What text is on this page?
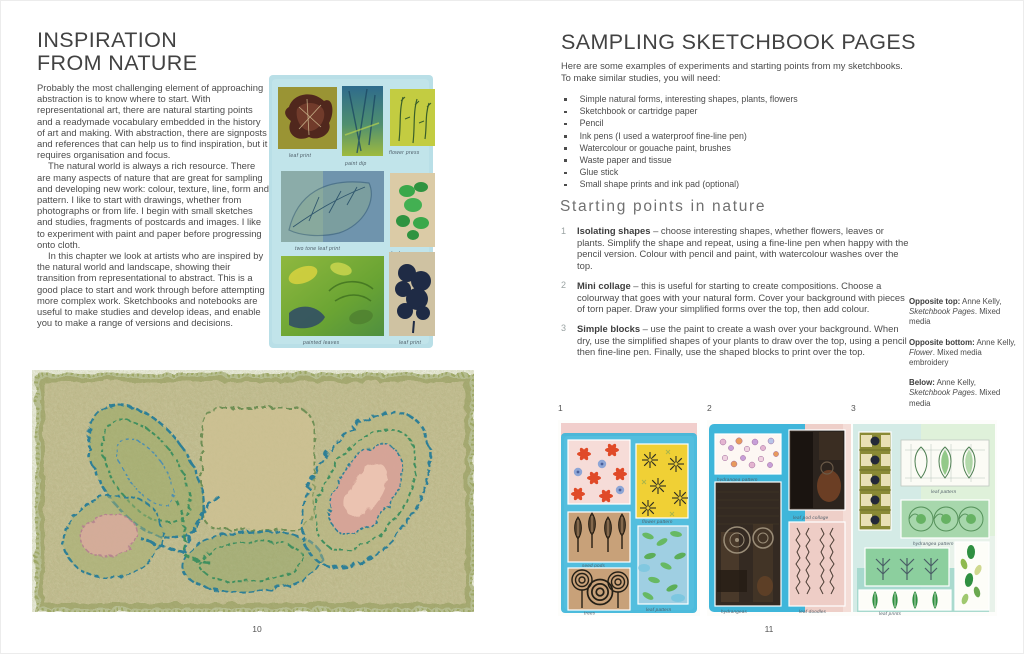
INSPIRATION
FROM NATURE

Probably the most challenging element of approaching abstraction is to know where to start. With representational art, there are natural starting points and a readymade vocabulary embedded in the history of art and making. With abstraction, there are signposts and references that can help us to find inspiration, but it requires organisation and focus.

The natural world is always a rich resource. There are many aspects of nature that are great for sampling and developing new work: colour, texture, line, form and pattern. I like to start with drawings, whether from photographs or from life. I begin with small sketches and studies, fragments of postcards and images. I like to experiment with paint and paper before progressing onto cloth.

In this chapter we look at artists who are inspired by the natural world and landscape, showing their transition from representational to abstract. This is a good place to start and work through before attempting more complex work. Sketchbooks and notebooks are useful to make studies and develop ideas, and enable you to make a range of versions and decisions.

leaf print
paint dip
flower press
two tone leaf print
painted leaves	leaf print
10
SAMPLING SKETCHBOOK PAGES
Here are some examples of experiments and starting points from my sketchbooks.
To make similar studies, you will need:
Simple natural forms, interesting shapes, plants, flowers
Sketchbook or cartridge paper
Pencil
Ink pens (I used a waterproof fine-line pen)
Watercolour or gouache paint, brushes
Waste paper and tissue
Glue stick
Small shape prints and ink pad (optional)
Starting points in nature
1	Isolating shapes – choose interesting shapes, whether flowers, leaves or plants. Simplify the shape and repeat, using a fine-line pen when happy with the pencil version. Colour with pencil and paint, with watercolour washes over the top.
2	Mini collage – this is useful for starting to create compositions. Choose a colourway that goes with your natural form. Cover your background with pieces of torn paper. Draw your simplified forms over the top, then add colour.
3	Simple blocks – use the paint to create a wash over your background. When dry, use the simplified shapes of your plants to draw over the top, using a pencil then fine-line pen. Finally, use the shaped blocks to print over the top.
Opposite top: Anne Kelly, Sketchbook Pages. Mixed media
Opposite bottom: Anne Kelly, Flower. Mixed media embroidery
Below: Anne Kelly, Sketchbook Pages. Mixed media
1	2	3
flower pattern
seed pods
trees
leaf pattern
hydrangea pattern
leaf pod collage
hydrangeas	leaf doodles
leaf pattern
hydrangea pattern
leaf prints
11
